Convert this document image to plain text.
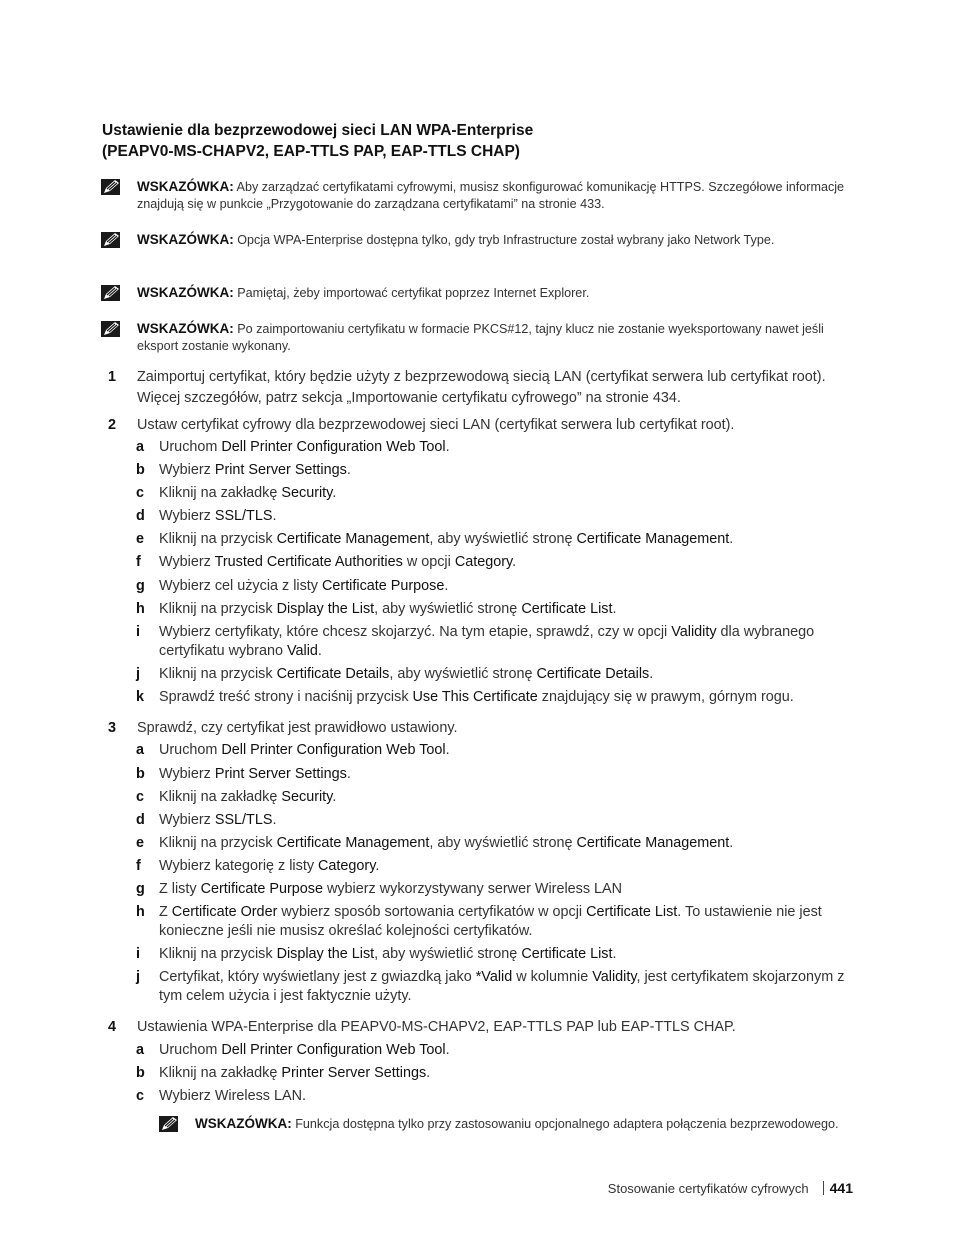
Ustawienie dla bezprzewodowej sieci LAN WPA-Enterprise
(PEAPV0-MS-CHAPV2, EAP-TTLS PAP, EAP-TTLS CHAP)
WSKAZÓWKA: Aby zarządzać certyfikatami cyfrowymi, musisz skonfigurować komunikację HTTPS. Szczegółowe informacje znajdują się w punkcie „Przygotowanie do zarządzana certyfikatami” na stronie 433.
WSKAZÓWKA: Opcja WPA-Enterprise dostępna tylko, gdy tryb Infrastructure został wybrany jako Network Type.
WSKAZÓWKA: Pamiętaj, żeby importować certyfikat poprzez Internet Explorer.
WSKAZÓWKA: Po zaimportowaniu certyfikatu w formacie PKCS#12, tajny klucz nie zostanie wyeksportowany nawet jeśli eksport zostanie wykonany.
1 Zaimportuj certyfikat, który będzie użyty z bezprzewodową siecią LAN (certyfikat serwera lub certyfikat root). Więcej szczegółów, patrz sekcja „Importowanie certyfikatu cyfrowego” na stronie 434.
2 Ustaw certyfikat cyfrowy dla bezprzewodowej sieci LAN (certyfikat serwera lub certyfikat root).
a Uruchom Dell Printer Configuration Web Tool.
b Wybierz Print Server Settings.
c Kliknij na zakładkę Security.
d Wybierz SSL/TLS.
e Kliknij na przycisk Certificate Management, aby wyświetlić stronę Certificate Management.
f Wybierz Trusted Certificate Authorities w opcji Category.
g Wybierz cel użycia z listy Certificate Purpose.
h Kliknij na przycisk Display the List, aby wyświetlić stronę Certificate List.
i Wybierz certyfikaty, które chcesz skojarzyć. Na tym etapie, sprawdź, czy w opcji Validity dla wybranego certyfikatu wybrano Valid.
j Kliknij na przycisk Certificate Details, aby wyświetlić stronę Certificate Details.
k Sprawdź treść strony i naciśnij przycisk Use This Certificate znajdujący się w prawym, górnym rogu.
3 Sprawdź, czy certyfikat jest prawidłowo ustawiony.
a Uruchom Dell Printer Configuration Web Tool.
b Wybierz Print Server Settings.
c Kliknij na zakładkę Security.
d Wybierz SSL/TLS.
e Kliknij na przycisk Certificate Management, aby wyświetlić stronę Certificate Management.
f Wybierz kategorię z listy Category.
g Z listy Certificate Purpose wybierz wykorzystywany serwer Wireless LAN
h Z Certificate Order wybierz sposób sortowania certyfikatów w opcji Certificate List. To ustawienie nie jest konieczne jeśli nie musisz określać kolejności certyfikatów.
i Kliknij na przycisk Display the List, aby wyświetlić stronę Certificate List.
j Certyfikat, który wyświetlany jest z gwiazdką jako *Valid w kolumnie Validity, jest certyfikatem skojarzonym z tym celem użycia i jest faktycznie użyty.
4 Ustawienia WPA-Enterprise dla PEAPV0-MS-CHAPV2, EAP-TTLS PAP lub EAP-TTLS CHAP.
a Uruchom Dell Printer Configuration Web Tool.
b Kliknij na zakładkę Printer Server Settings.
c Wybierz Wireless LAN.
WSKAZÓWKA: Funkcja dostępna tylko przy zastosowaniu opcjonalnego adaptera połączenia bezprzewodowego.
Stosowanie certyfikatów cyfrowych 441
